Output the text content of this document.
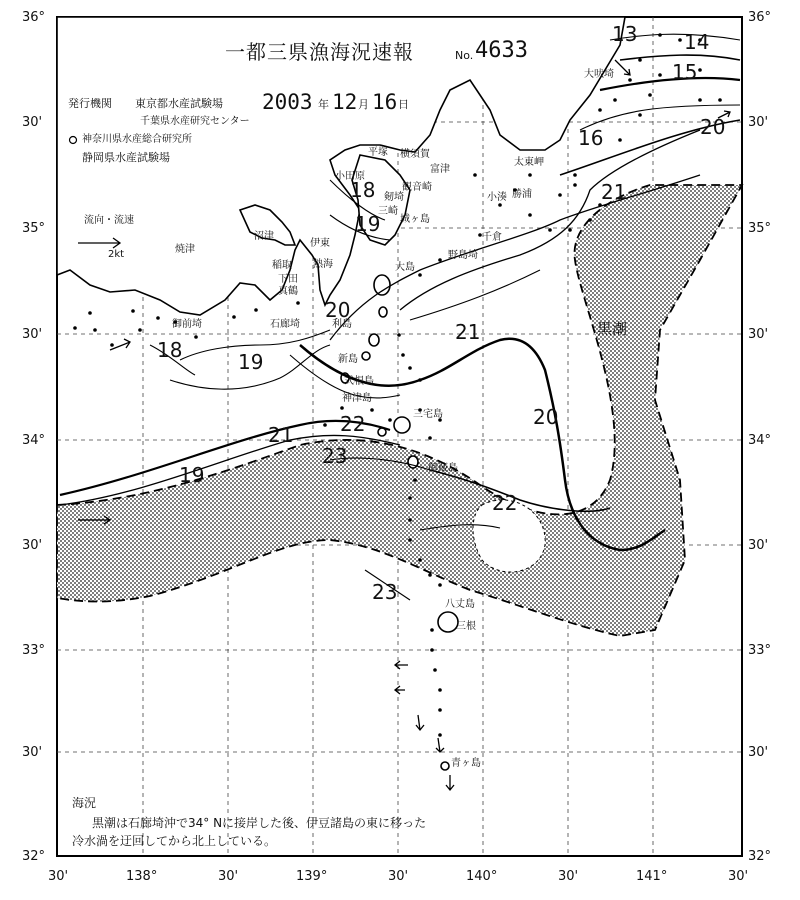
一都三県漁海況速報	No. 4633
発行機関 東京都水産試験場
千葉県水産研究センター
神奈川県水産総合研究所
静岡県水産試験場
2003 年 12 月 16 日
流向・流速
2kt
36°
30'
35°
30'
34°
30'
33°
30'
32°
36°
30'
35°
30'
34°
30'
33°
30'
32°
30'	138°	30'	139°	30'	140°	30'	141°	30'
13 14
15
16	20
18
19
21
18	19
20
21
22
23
20
21
19
22
23
黒潮
大吠埼
太東岬
勝浦
小湊
千倉
野島埼
富津
観音崎
剱埼
城ヶ島
三崎
平塚 横須賀
小田原
真鶴
熱海
伊東
稲取
下田
石廊埼
御前埼
焼津
沼津
大島
利島
新島
式根島
神津島
三宅島
御蔵島
八丈島
青ヶ島
三根
海況
黒潮は石廊埼沖で34° Nに接岸した後、伊豆諸島の東に移った
冷水渦を迂回してから北上している。
